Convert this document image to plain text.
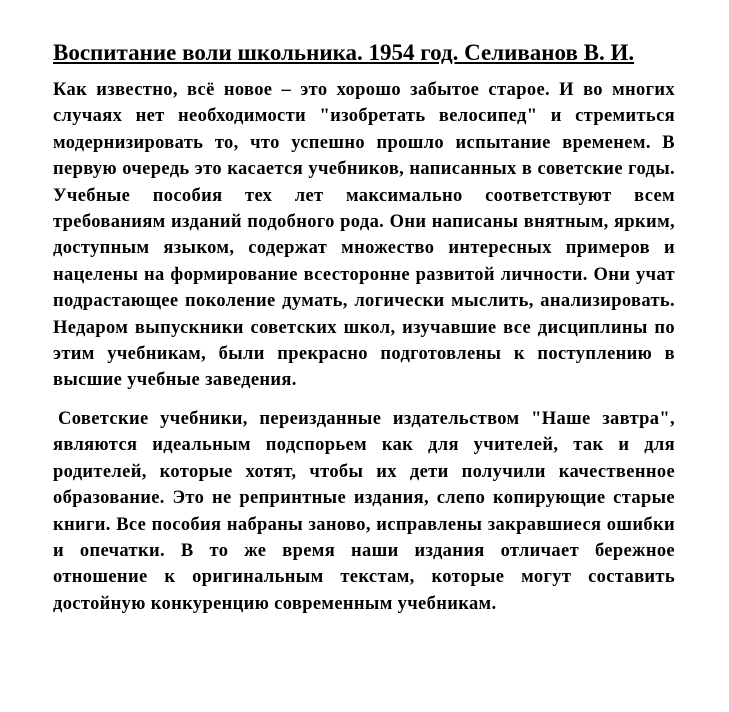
Воспитание воли школьника. 1954 год. Селиванов В. И.

Как известно, всё новое – это хорошо забытое старое. И во многих случаях нет необходимости "изобретать велосипед" и стремиться модернизировать то, что успешно прошло испытание временем. В первую очередь это касается учебников, написанных в советские годы. Учебные пособия тех лет максимально соответствуют всем требованиям изданий подобного рода. Они написаны внятным, ярким, доступным языком, содержат множество интересных примеров и нацелены на формирование всесторонне развитой личности. Они учат подрастающее поколение думать, логически мыслить, анализировать. Недаром выпускники советских школ, изучавшие все дисциплины по этим учебникам, были прекрасно подготовлены к поступлению в высшие учебные заведения.

Советские учебники, переизданные издательством "Наше завтра", являются идеальным подспорьем как для учителей, так и для родителей, которые хотят, чтобы их дети получили качественное образование. Это не репринтные издания, слепо копирующие старые книги. Все пособия набраны заново, исправлены закравшиеся ошибки и опечатки. В то же время наши издания отличает бережное отношение к оригинальным текстам, которые могут составить достойную конкуренцию современным учебникам.
